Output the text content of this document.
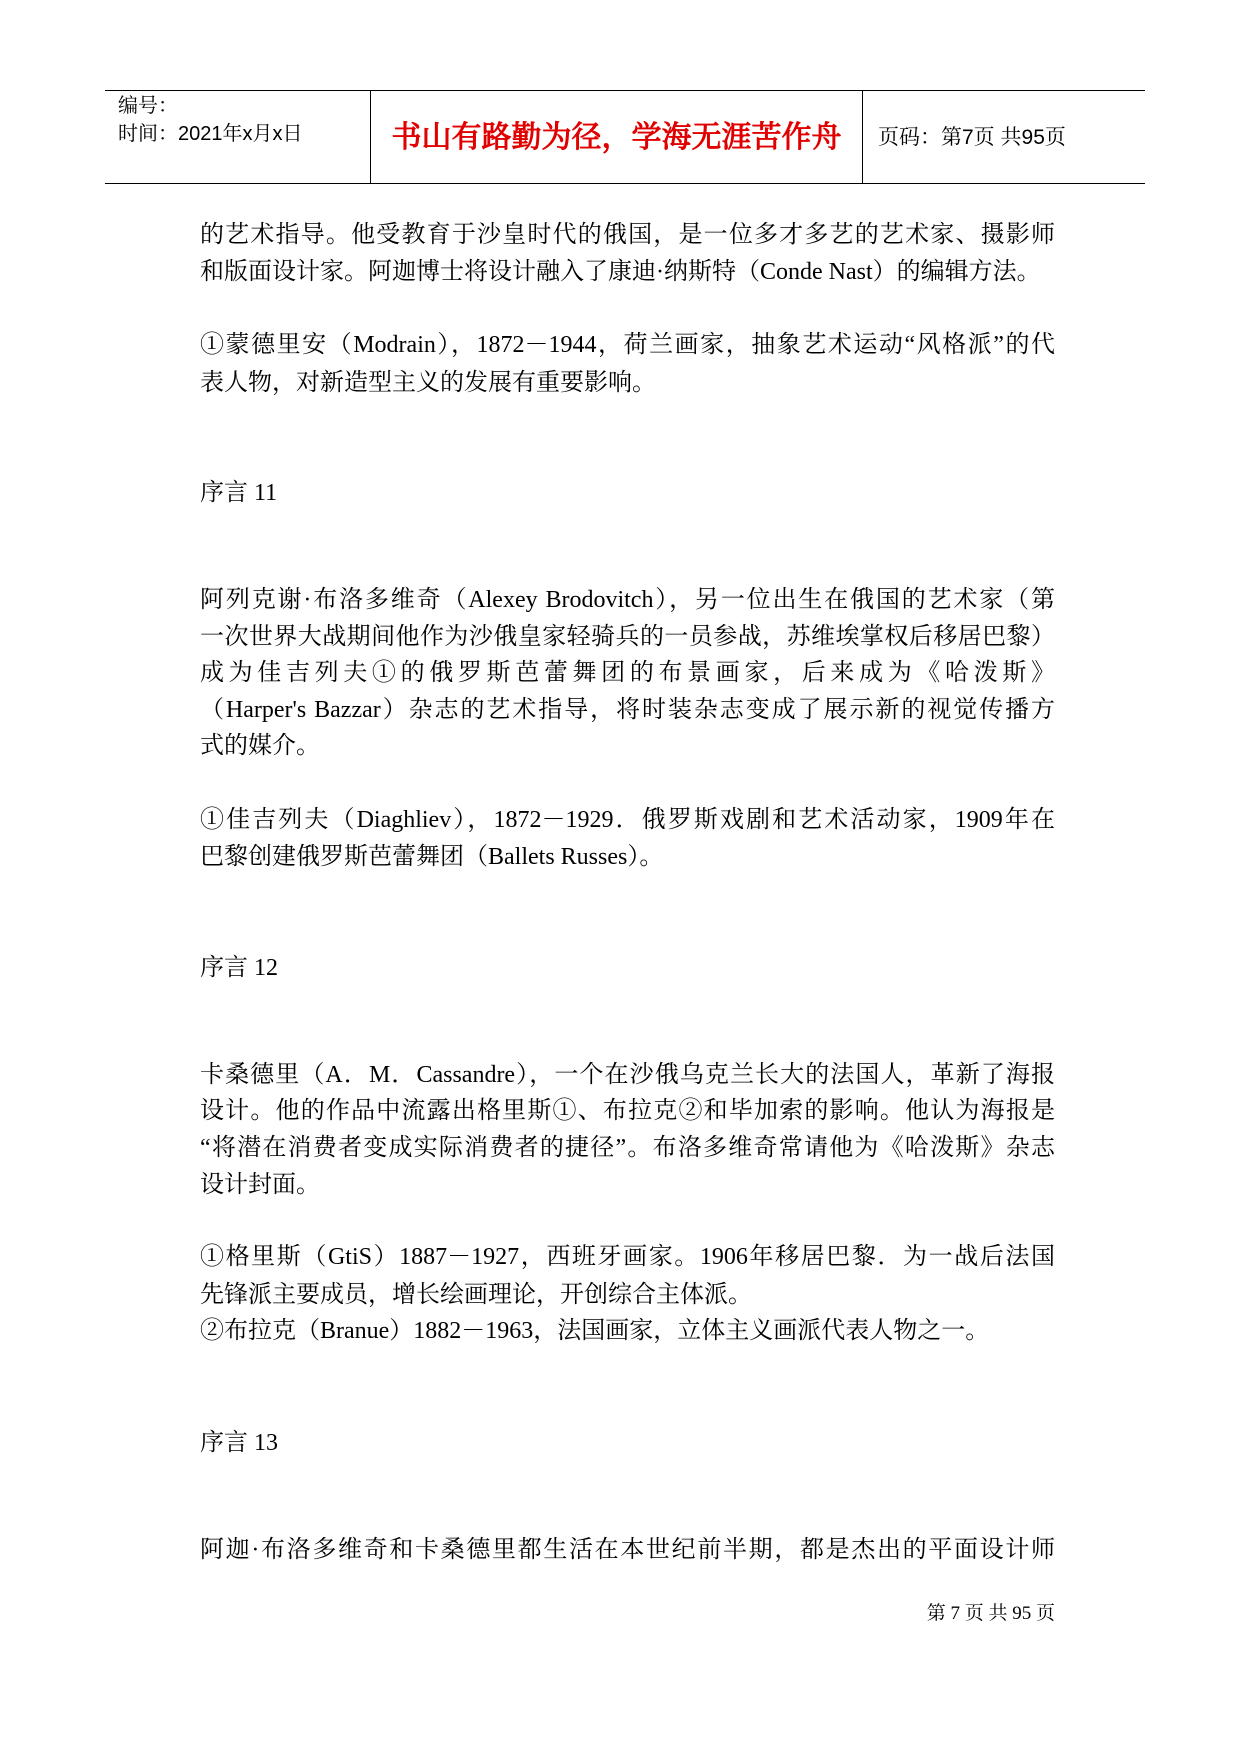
编号：
时间：2021年x月x日	书山有路勤为径，学海无涯苦作舟	页码：第7页 共95页
的艺术指导。他受教育于沙皇时代的俄国，是一位多才多艺的艺术家、摄影师
和版面设计家。阿迦博士将设计融入了康迪·纳斯特（Conde Nast）的编辑方法。
①蒙德里安（Modrain），1872－1944，荷兰画家，抽象艺术运动“风格派”的代
表人物，对新造型主义的发展有重要影响。
序言 11
阿列克谢·布洛多维奇（Alexey Brodovitch），另一位出生在俄国的艺术家（第
一次世界大战期间他作为沙俄皇家轻骑兵的一员参战，苏维埃掌权后移居巴黎）
成为佳吉列夫①的俄罗斯芭蕾舞团的布景画家，后来成为《哈泼斯》
（Harper's Bazzar）杂志的艺术指导，将时装杂志变成了展示新的视觉传播方
式的媒介。
①佳吉列夫（Diaghliev），1872－1929．俄罗斯戏剧和艺术活动家，1909年在
巴黎创建俄罗斯芭蕾舞团（Ballets Russes）。
序言 12
卡桑德里（A．M．Cassandre），一个在沙俄乌克兰长大的法国人，革新了海报
设计。他的作品中流露出格里斯①、布拉克②和毕加索的影响。他认为海报是
“将潜在消费者变成实际消费者的捷径”。布洛多维奇常请他为《哈泼斯》杂志
设计封面。
①格里斯（GtiS）1887－1927，西班牙画家。1906年移居巴黎．为一战后法国
先锋派主要成员，增长绘画理论，开创综合主体派。
②布拉克（Branue）1882－1963，法国画家，立体主义画派代表人物之一。
序言 13
阿迦·布洛多维奇和卡桑德里都生活在本世纪前半期，都是杰出的平面设计师
第 7 页 共 95 页
